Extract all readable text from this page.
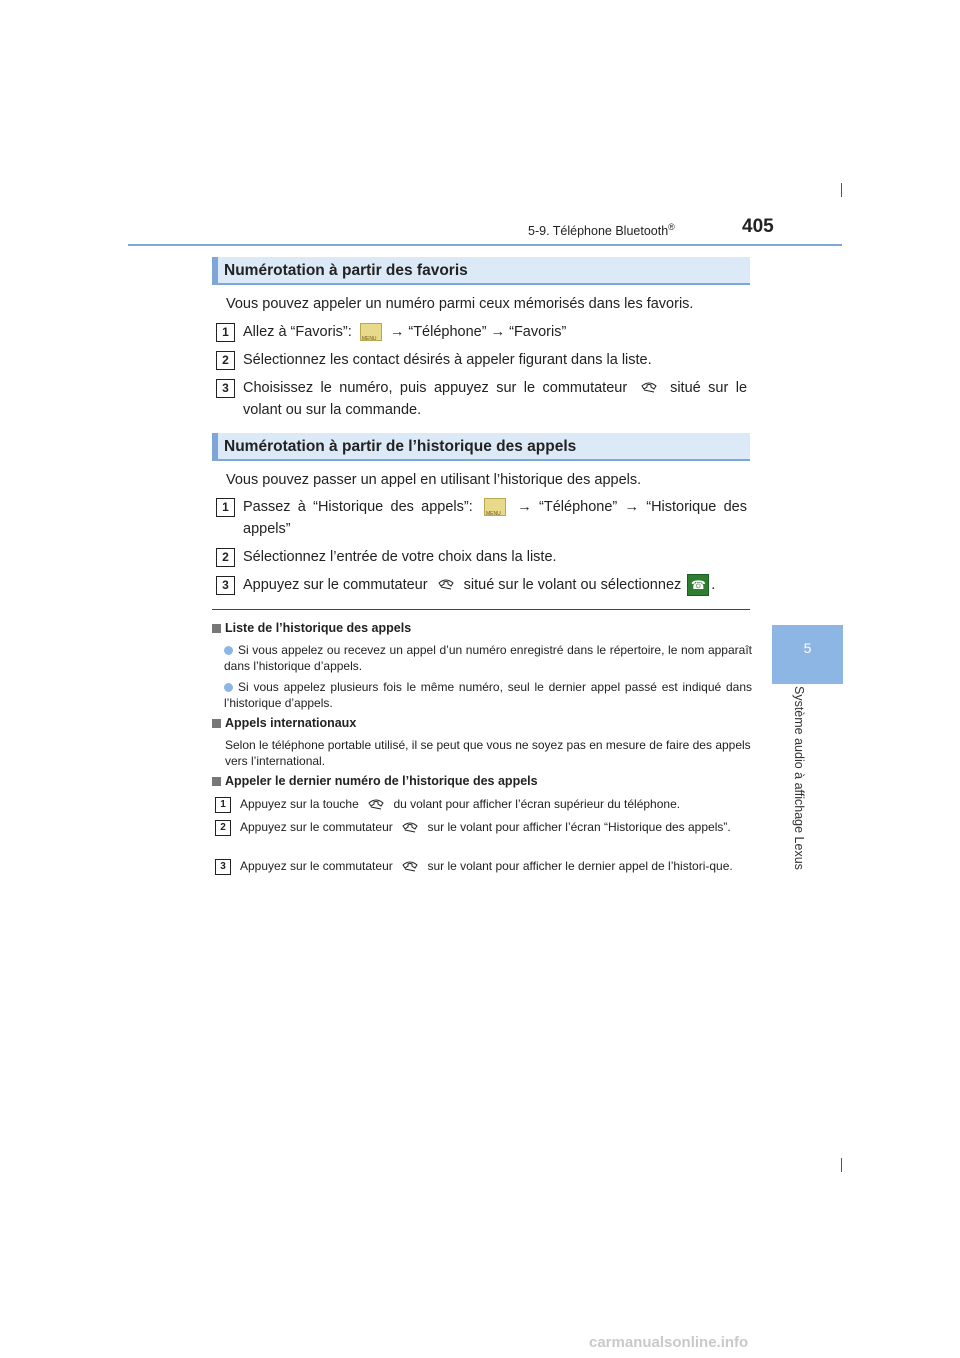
5-9. Téléphone Bluetooth®	405
5
Système audio à affichage Lexus
Numérotation à partir des favoris
Vous pouvez appeler un numéro parmi ceux mémorisés dans les favoris.
1 Allez à “Favoris”: MENU	→ “Téléphone” → “Favoris”
2 Sélectionnez les contact désirés à appeler figurant dans la liste.
3 Choisissez le numéro, puis appuyez sur le commutateur	situé sur le volant ou sur la commande.
Numérotation à partir de l’historique des appels
Vous pouvez passer un appel en utilisant l’historique des appels.
1 Passez à “Historique des appels”: MENU	→ “Téléphone” → “Historique des appels”
2 Sélectionnez l’entrée de votre choix dans la liste.
3 Appuyez sur le commutateur situé sur le volant ou sélectionnez ☎ .
Liste de l’historique des appels
Si vous appelez ou recevez un appel d’un numéro enregistré dans le répertoire, le nom apparaît dans l’historique d’appels.
Si vous appelez plusieurs fois le même numéro, seul le dernier appel passé est indiqué dans l’historique d’appels.
Appels internationaux
Selon le téléphone portable utilisé, il se peut que vous ne soyez pas en mesure de faire des appels vers l’international.
Appeler le dernier numéro de l’historique des appels
1	Appuyez sur la touche	du volant pour afficher l’écran supérieur du téléphone.
2	Appuyez sur le commutateur	sur le volant pour afficher l’écran “Historique des appels”.
3	Appuyez sur le commutateur	sur le volant pour afficher le dernier appel de l’histori-que.
carmanualsonline.info
